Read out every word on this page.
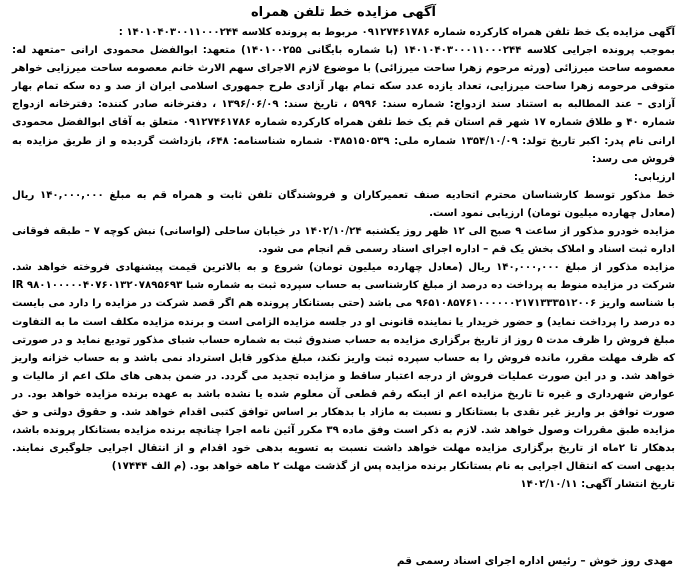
آگهی مزایده خط تلفن همراه

آگهی مزایده یک خط تلفن همراه کارکرده شماره ۰۹۱۲۷۴۶۱۷۸۶ مربوط به پرونده کلاسه ۱۴۰۱۰۴۰۳۰۰۱۱۰۰۰۲۴۴ :

بموجب پرونده اجرایی کلاسه ۱۴۰۱۰۴۰۳۰۰۰۱۱۰۰۰۲۴۴ (با شماره بایگانی ۱۴۰۱۰۰۲۵۵) متعهد: ابوالفضل محمودی ارانی –متعهد له: معصومه ساحت میرزائی (ورثه مرحوم زهرا ساحت میرزائی) با موضوع لازم الاجرای سهم الارث خانم معصومه ساحت میرزایی خواهر متوفی مرحومه زهرا ساحت میرزایی، تعداد یازده عدد سکه تمام بهار آزادی طرح جمهوری اسلامی ایران از صد و ده سکه تمام بهار آزادی – عند المطالبه به استناد سند ازدواج: شماره سند: ۵۹۹۶ ، تاریخ سند: ۱۳۹۶/۰۶/۰۹ ، دفترخانه صادر کننده: دفترخانه ازدواج شماره ۴۰ و طلاق شماره ۱۷ شهر قم استان قم یک خط تلفن همراه کارکرده شماره ۰۹۱۲۷۴۶۱۷۸۶ متعلق به آقای ابوالفضل محمودی ارانی نام پدر: اکبر تاریخ تولد: ۱۳۵۴/۱۰/۰۹ شماره ملی: ۰۳۸۵۱۵۰۵۳۹ شماره شناسنامه: ۶۴۸، بازداشت گردیده و از طریق مزایده به فروش می رسد:

ارزیابی:

خط مذکور توسط کارشناسان محترم اتحادیه صنف تعمیرکاران و فروشندگان تلفن ثابت و همراه قم به مبلغ ۱۴۰,۰۰۰,۰۰۰ ریال (معادل چهارده میلیون تومان) ارزیابی نمود است.

مزایده خودرو مذکور از ساعت ۹ صبح الی ۱۲ ظهر روز یکشنبه ۱۴۰۲/۱۰/۲۴ در خیابان ساحلی (لواسانی) نبش کوچه ۷ – طبقه فوقانی اداره ثبت اسناد و املاک بخش یک قم – اداره اجرای اسناد رسمی قم انجام می شود.

مزایده مذکور از مبلغ ۱۴۰,۰۰۰,۰۰۰ ریال (معادل چهارده میلیون تومان) شروع و به بالاترین قیمت پیشنهادی فروخته خواهد شد. شرکت در مزایده منوط به پرداخت ده درصد از مبلغ کارشناسی به حساب سپرده ثبت به شماره شبا IR ۹۸۰۱۰۰۰۰۰۴۰۷۶۰۱۳۲۰۷۸۹۵۶۹۳ با شناسه واریز ۹۶۵۱۰۸۵۷۶۱۰۰۰۰۰۰۲۱۷۱۳۳۳۵۱۲۰۰۶ می باشد (حتی بستانکار پرونده هم اگر قصد شرکت در مزایده را دارد می بایست ده درصد را پرداخت نماید) و حضور خریدار یا نماینده قانونی او در جلسه مزایده الزامی است و برنده مزایده مکلف است ما به التفاوت مبلغ فروش را ظرف مدت ۵ روز از تاریخ برگزاری مزایده به حساب صندوق ثبت به شماره حساب شبای مذکور تودیع نماید و در صورتی که ظرف مهلت مقرر، مانده فروش را به حساب سپرده ثبت واریز نکند، مبلغ مذکور قابل استرداد نمی باشد و به حساب خزانه واریز خواهد شد. و در این صورت عملیات فروش از درجه اعتبار ساقط و مزایده تجدید می گردد. در ضمن بدهی های ملک اعم از مالیات و عوارض شهرداری و غیره تا تاریخ مزایده اعم از اینکه رقم قطعی آن معلوم شده یا نشده باشد به عهده برنده مزایده خواهد بود. در صورت توافق بر واریز غیر نقدی با بستانکار و نسبت به مازاد با بدهکار بر اساس توافق کتبی اقدام خواهد شد. و حقوق دولتی و حق مزایده طبق مقررات وصول خواهد شد. لازم به ذکر است وفق ماده ۳۹ مکرر آئین نامه اجرا چنانچه برنده مزایده بستانکار پرونده باشد، بدهکار تا ۲ماه از تاریخ برگزاری مزایده مهلت خواهد داشت نسبت به تسویه بدهی خود اقدام و از انتقال اجرایی جلوگیری نمایند. بدیهی است که انتقال اجرایی به نام بستانکار برنده مزایده پس از گذشت مهلت ۲ ماهه خواهد بود. (م الف ۱۷۴۴۴)

تاریخ انتشار آگهی: ۱۴۰۲/۱۰/۱۱

مهدی روز خوش – رئیس اداره اجرای اسناد رسمی قم
